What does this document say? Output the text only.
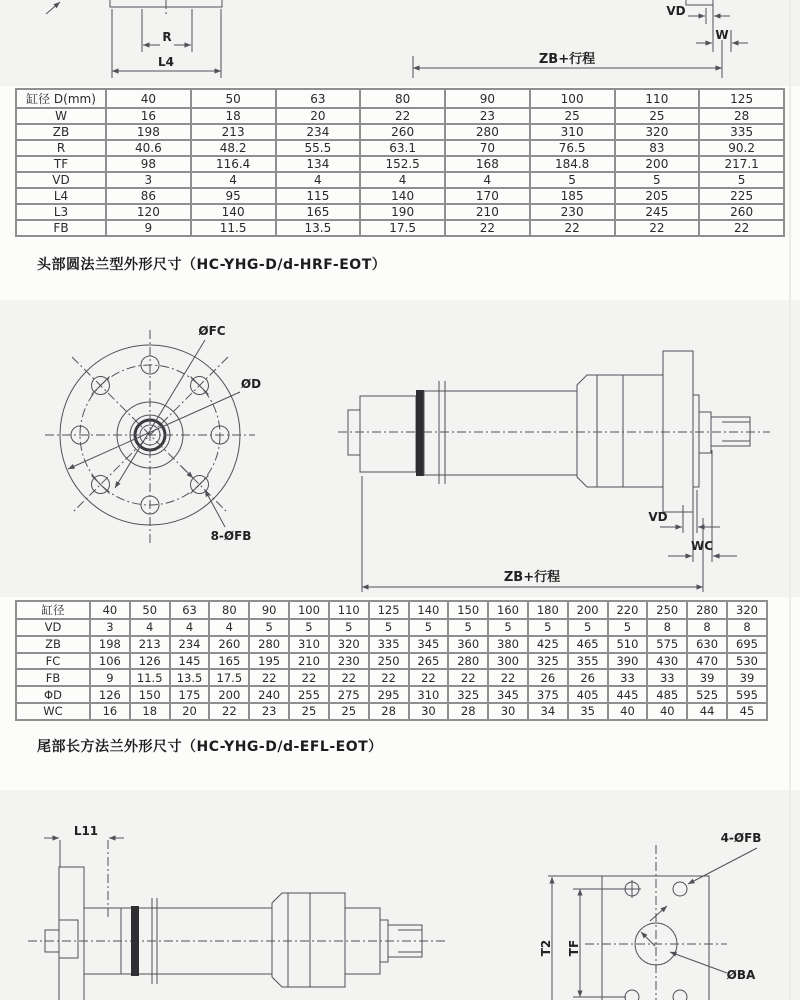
R
L4
VD
W
ZB+行程
缸径 D(mm)	40	50	63	80	90	100	110	125
W	16	18	20	22	23	25	25	28
ZB	198	213	234	260	280	310	320	335
R	40.6	48.2	55.5	63.1	70	76.5	83	90.2
TF	98	116.4	134	152.5	168	184.8	200	217.1
VD	3	4	4	4	4	5	5	5
L4	86	95	115	140	170	185	205	225
L3	120	140	165	190	210	230	245	260
FB	9	11.5	13.5	17.5	22	22	22	22
头部圆法兰型外形尺寸（HC-YHG-D/d-HRF-EOT）
ØFC
ØD
8-ØFB
VD
WC
ZB+行程
缸径	40	50	63	80	90	100	110	125	140	150	160	180	200	220	250	280	320
VD	3	4	4	4	5	5	5	5	5	5	5	5	5	5	8	8	8
ZB	198	213	234	260	280	310	320	335	345	360	380	425	465	510	575	630	695
FC	106	126	145	165	195	210	230	250	265	280	300	325	355	390	430	470	530
FB	9	11.5	13.5	17.5	22	22	22	22	22	22	22	26	26	33	33	39	39
ΦD	126	150	175	200	240	255	275	295	310	325	345	375	405	445	485	525	595
WC	16	18	20	22	23	25	25	28	30	28	30	34	35	40	40	44	45
尾部长方法兰外形尺寸（HC-YHG-D/d-EFL-EOT）
L11	4-ØFB
ØBA
T2 TF
